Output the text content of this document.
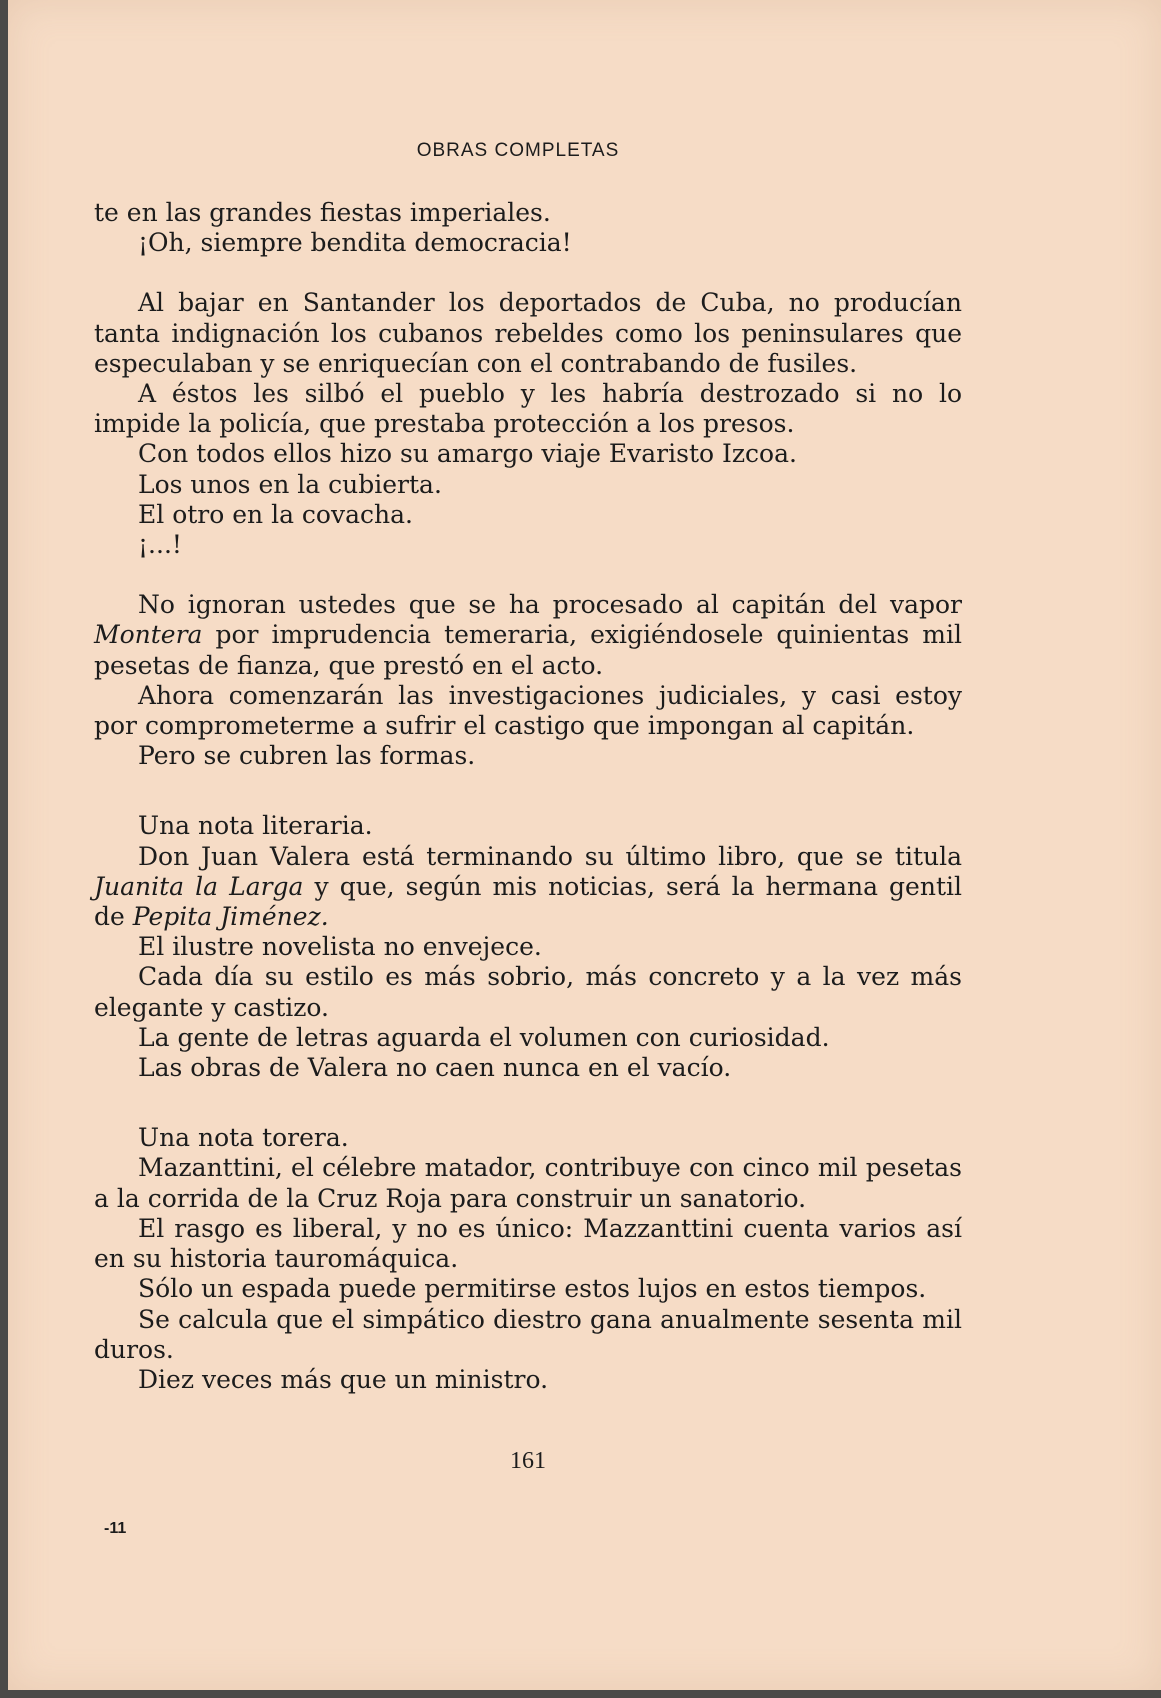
OBRAS COMPLETAS

te en las grandes fiestas imperiales.

¡Oh, siempre bendita democracia!

Al bajar en Santander los deportados de Cuba, no producían tanta indignación los cubanos rebeldes como los peninsulares que especulaban y se enriquecían con el contrabando de fusiles.

A éstos les silbó el pueblo y les habría destrozado si no lo impide la policía, que prestaba protección a los presos.

Con todos ellos hizo su amargo viaje Evaristo Izcoa.

Los unos en la cubierta.

El otro en la covacha.

¡...!

No ignoran ustedes que se ha procesado al capitán del vapor Montera por imprudencia temeraria, exigiéndosele quinientas mil pesetas de fianza, que prestó en el acto.

Ahora comenzarán las investigaciones judiciales, y casi estoy por comprometerme a sufrir el castigo que impongan al capitán.

Pero se cubren las formas.

Una nota literaria.

Don Juan Valera está terminando su último libro, que se titula Juanita la Larga y que, según mis noticias, será la hermana gentil de Pepita Jiménez.

El ilustre novelista no envejece.

Cada día su estilo es más sobrio, más concreto y a la vez más elegante y castizo.

La gente de letras aguarda el volumen con curiosidad.

Las obras de Valera no caen nunca en el vacío.

Una nota torera.

Mazanttini, el célebre matador, contribuye con cinco mil pesetas a la corrida de la Cruz Roja para construir un sanatorio.

El rasgo es liberal, y no es único: Mazzanttini cuenta varios así en su historia tauromáquica.

Sólo un espada puede permitirse estos lujos en estos tiempos.

Se calcula que el simpático diestro gana anualmente sesenta mil duros.

Diez veces más que un ministro.

161
-11
